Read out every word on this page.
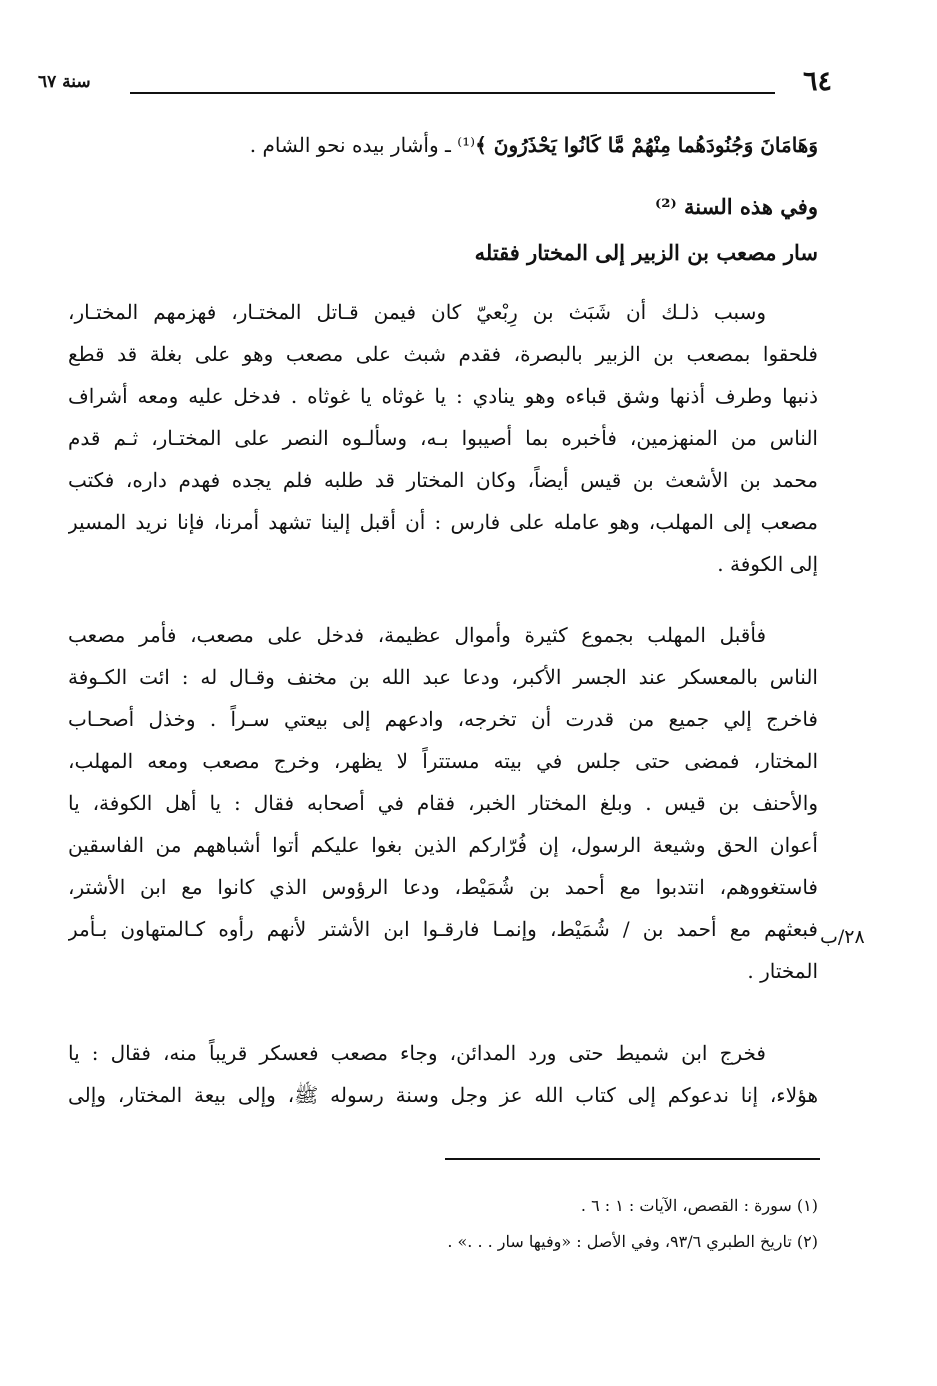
٦٤
سنة ٦٧
وَهَامَانَ وَجُنُودَهُما مِنْهُمْ مَّا كَانُوا يَحْذَرُونَ ﴾⁽¹⁾ ـ وأشار بيده نحو الشام .
وفي هذه السنة ⁽²⁾
سار مصعب بن الزبير إلى المختار فقتله
وسبب ذلـك أن شَبَث بن رِبْعيّ كان فيمن قـاتل المختـار، فهزمهم المختـار،
فلحقوا بمصعب بن الزبير بالبصرة، فقدم شبث على مصعب وهو على بغلة قد قطع
ذنبها وطرف أذنها وشق قباءه وهو ينادي : يا غوثاه يا غوثاه . فدخل عليه ومعه أشراف
الناس من المنهزمين، فأخبره بما أصيبوا بـه، وسألـوه النصر على المختـار، ثـم قدم
محمد بن الأشعث بن قيس أيضاً، وكان المختار قد طلبه فلم يجده فهدم داره، فكتب
مصعب إلى المهلب، وهو عامله على فارس : أن أقبل إلينا تشهد أمرنا، فإنا نريد المسير
إلى الكوفة .
فأقبل المهلب بجموع كثيرة وأموال عظيمة، فدخل على مصعب، فأمر مصعب
الناس بالمعسكر عند الجسر الأكبر، ودعا عبد الله بن مخنف وقـال له : ائت الكـوفة
فاخرج إلي جميع من قدرت أن تخرجه، وادعهم إلى بيعتي سـراً . وخذل أصحـاب
المختار، فمضى حتى جلس في بيته مستتراً لا يظهر، وخرج مصعب ومعه المهلب،
والأحنف بن قيس . وبلغ المختار الخبر، فقام في أصحابه فقال : يا أهل الكوفة، يا
أعوان الحق وشيعة الرسول، إن فُرّاركم الذين بغوا عليكم أتوا أشباههم من الفاسقين
فاستغووهم، انتدبوا مع أحمد بن شُمَيْط، ودعا الرؤوس الذي كانوا مع ابن الأشتر،
فبعثهم مع أحمد بن / شُمَيْط، وإنمـا فارقـوا ابن الأشتر لأنهم رأوه كـالمتهاون بـأمر
المختار .
٢٨/ب
فخرج ابن شميط حتى ورد المدائن، وجاء مصعب فعسكر قريباً منه، فقال : يا
هؤلاء، إنا ندعوكم إلى كتاب الله عز وجل وسنة رسوله ﷺ، وإلى بيعة المختار، وإلى
(١) سورة : القصص، الآيات : ١ : ٦ .
(٢) تاريخ الطبري ٩٣/٦، وفي الأصل : «وفيها سار . . .» .
